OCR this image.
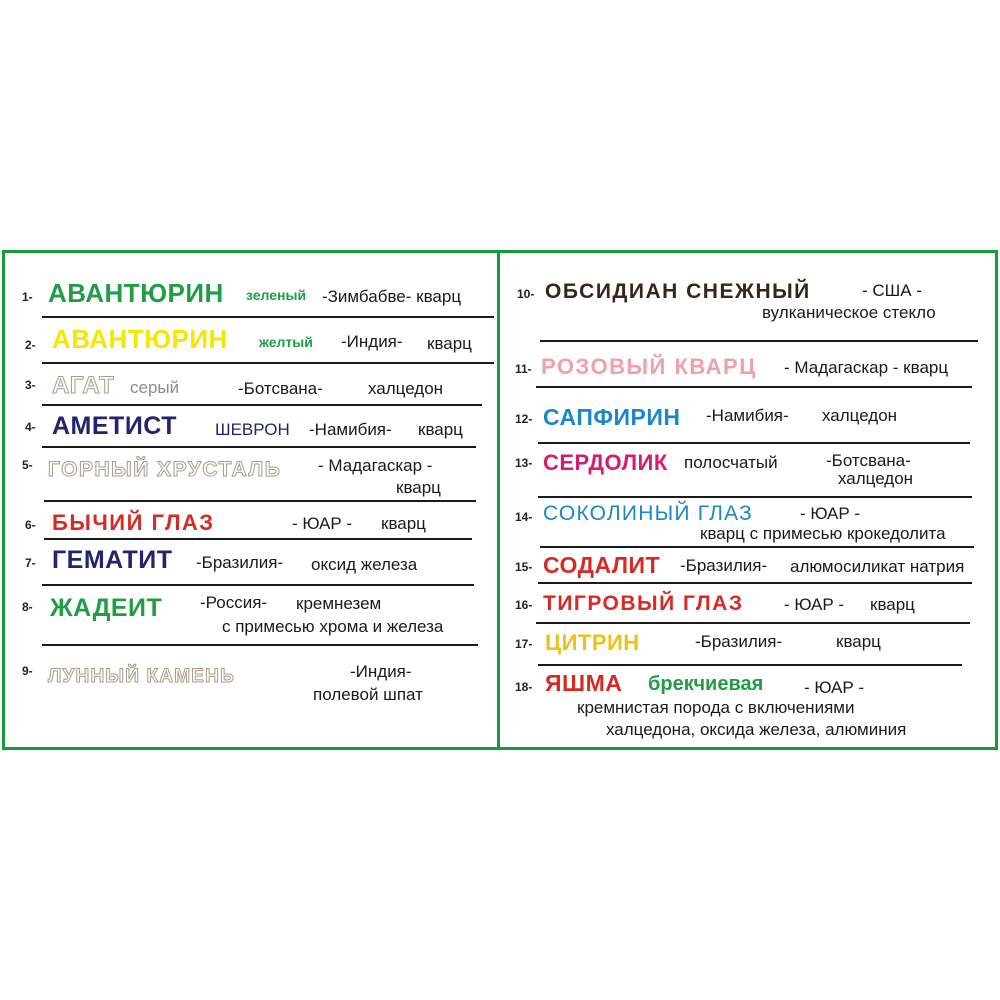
1- АВАНТЮРИН зеленый -Зимбабве- кварц
2- АВАНТЮРИН желтый -Индия- кварц
3- АГАТ серый	-Ботсвана-	халцедон
4- АМЕТИСТ ШЕВРОН -Намибия- кварц
5- ГОРНЫЙ ХРУСТАЛЬ - Мадагаскар -
кварц
6- БЫЧИЙ ГЛАЗ	- ЮАР - кварц
7- ГЕМАТИТ -Бразилия- оксид железа
8- ЖАДЕИТ -Россия- кремнезем
с примесью хрома и железа
9- ЛУННЫЙ КАМЕНЬ	-Индия-
полевой шпат
10- ОБСИДИАН СНЕЖНЫЙ	- США -
вулканическое стекло
11- РОЗОВЫЙ КВАРЦ - Мадагаскар - кварц
12- САПФИРИН -Намибия- халцедон
13- СЕРДОЛИК полосчатый	-Ботсвана-
халцедон
14- СОКОЛИНЫЙ ГЛАЗ	- ЮАР -
кварц с примесью крокедолита
15- СОДАЛИТ -Бразилия- алюмосиликат натрия
16- ТИГРОВЫЙ ГЛАЗ - ЮАР - кварц
17- ЦИТРИН	-Бразилия-	кварц
18- ЯШМА брекчиевая - ЮАР -
кремнистая порода с включениями
халцедона, оксида железа, алюминия
